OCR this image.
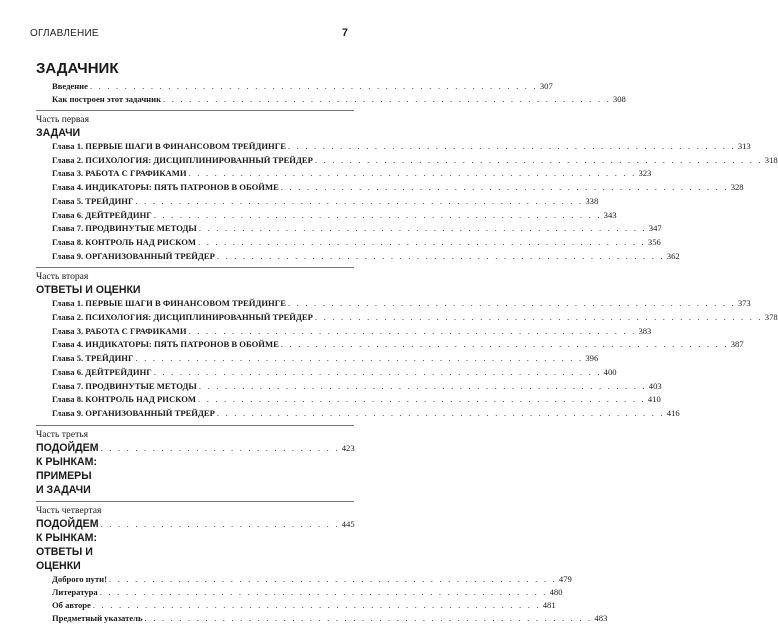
ОГЛАВЛЕНИЕ	7
ЗАДАЧНИК
Введение . . . . . . . . . . . . . . . . . . . . . . . . . . . . . . . . . . . . . . . . . . . . . . . . . . . . 307
Как построен этот задачник . . . . . . . . . . . . . . . . . . . . . . . . . . . . . . . . . . . . . . . . . . . . . . . . . . . . 308
Часть первая
ЗАДАЧИ
Глава 1. ПЕРВЫЕ ШАГИ В ФИНАНСОВОМ ТРЕЙДИНГЕ . . . . . . . . . . . . . . . . . . . . . . . . . . . . . . . . . . . . . . . . . . . . . . . . . . . . 313
Глава 2. ПСИХОЛОГИЯ: ДИСЦИПЛИНИРОВАННЫЙ ТРЕЙДЕР . . . . . . . . . . . . . . . . . . . . . . . . . . . . . . . . . . . . . . . . . . . . . . . . . . . . 318
Глава 3. РАБОТА С ГРАФИКАМИ . . . . . . . . . . . . . . . . . . . . . . . . . . . . . . . . . . . . . . . . . . . . . . . . . . . . 323
Глава 4. ИНДИКАТОРЫ: ПЯТЬ ПАТРОНОВ В ОБОЙМЕ . . . . . . . . . . . . . . . . . . . . . . . . . . . . . . . . . . . . . . . . . . . . . . . . . . . . 328
Глава 5. ТРЕЙДИНГ . . . . . . . . . . . . . . . . . . . . . . . . . . . . . . . . . . . . . . . . . . . . . . . . . . . . 338
Глава 6. ДЕЙТРЕЙДИНГ . . . . . . . . . . . . . . . . . . . . . . . . . . . . . . . . . . . . . . . . . . . . . . . . . . . . 343
Глава 7. ПРОДВИНУТЫЕ МЕТОДЫ . . . . . . . . . . . . . . . . . . . . . . . . . . . . . . . . . . . . . . . . . . . . . . . . . . . . 347
Глава 8. КОНТРОЛЬ НАД РИСКОМ . . . . . . . . . . . . . . . . . . . . . . . . . . . . . . . . . . . . . . . . . . . . . . . . . . . . 356
Глава 9. ОРГАНИЗОВАННЫЙ ТРЕЙДЕР . . . . . . . . . . . . . . . . . . . . . . . . . . . . . . . . . . . . . . . . . . . . . . . . . . . . 362
Часть вторая
ОТВЕТЫ И ОЦЕНКИ
Глава 1. ПЕРВЫЕ ШАГИ В ФИНАНСОВОМ ТРЕЙДИНГЕ . . . . . . . . . . . . . . . . . . . . . . . . . . . . . . . . . . . . . . . . . . . . . . . . . . . . 373
Глава 2. ПСИХОЛОГИЯ: ДИСЦИПЛИНИРОВАННЫЙ ТРЕЙДЕР . . . . . . . . . . . . . . . . . . . . . . . . . . . . . . . . . . . . . . . . . . . . . . . . . . . . 378
Глава 3. РАБОТА С ГРАФИКАМИ . . . . . . . . . . . . . . . . . . . . . . . . . . . . . . . . . . . . . . . . . . . . . . . . . . . . 383
Глава 4. ИНДИКАТОРЫ: ПЯТЬ ПАТРОНОВ В ОБОЙМЕ . . . . . . . . . . . . . . . . . . . . . . . . . . . . . . . . . . . . . . . . . . . . . . . . . . . . 387
Глава 5. ТРЕЙДИНГ . . . . . . . . . . . . . . . . . . . . . . . . . . . . . . . . . . . . . . . . . . . . . . . . . . . . 396
Глава 6. ДЕЙТРЕЙДИНГ . . . . . . . . . . . . . . . . . . . . . . . . . . . . . . . . . . . . . . . . . . . . . . . . . . . . 400
Глава 7. ПРОДВИНУТЫЕ МЕТОДЫ . . . . . . . . . . . . . . . . . . . . . . . . . . . . . . . . . . . . . . . . . . . . . . . . . . . . 403
Глава 8. КОНТРОЛЬ НАД РИСКОМ . . . . . . . . . . . . . . . . . . . . . . . . . . . . . . . . . . . . . . . . . . . . . . . . . . . . 410
Глава 9. ОРГАНИЗОВАННЫЙ ТРЕЙДЕР . . . . . . . . . . . . . . . . . . . . . . . . . . . . . . . . . . . . . . . . . . . . . . . . . . . . 416
Часть третья
ПОДОЙДЕМ К РЫНКАМ: ПРИМЕРЫ И ЗАДАЧИ
. . . . . . . . . . . . . . . . . . . . . . . . . . . . 423
Часть четвертая
ПОДОЙДЕМ К РЫНКАМ: ОТВЕТЫ И ОЦЕНКИ
. . . . . . . . . . . . . . . . . . . . . . . . . . . . 445
Доброго пути! . . . . . . . . . . . . . . . . . . . . . . . . . . . . . . . . . . . . . . . . . . . . . . . . . . . . 479
Литература . . . . . . . . . . . . . . . . . . . . . . . . . . . . . . . . . . . . . . . . . . . . . . . . . . . . 480
Об авторе . . . . . . . . . . . . . . . . . . . . . . . . . . . . . . . . . . . . . . . . . . . . . . . . . . . . 481
Предметный указатель . . . . . . . . . . . . . . . . . . . . . . . . . . . . . . . . . . . . . . . . . . . . . . . . . . . . 483
